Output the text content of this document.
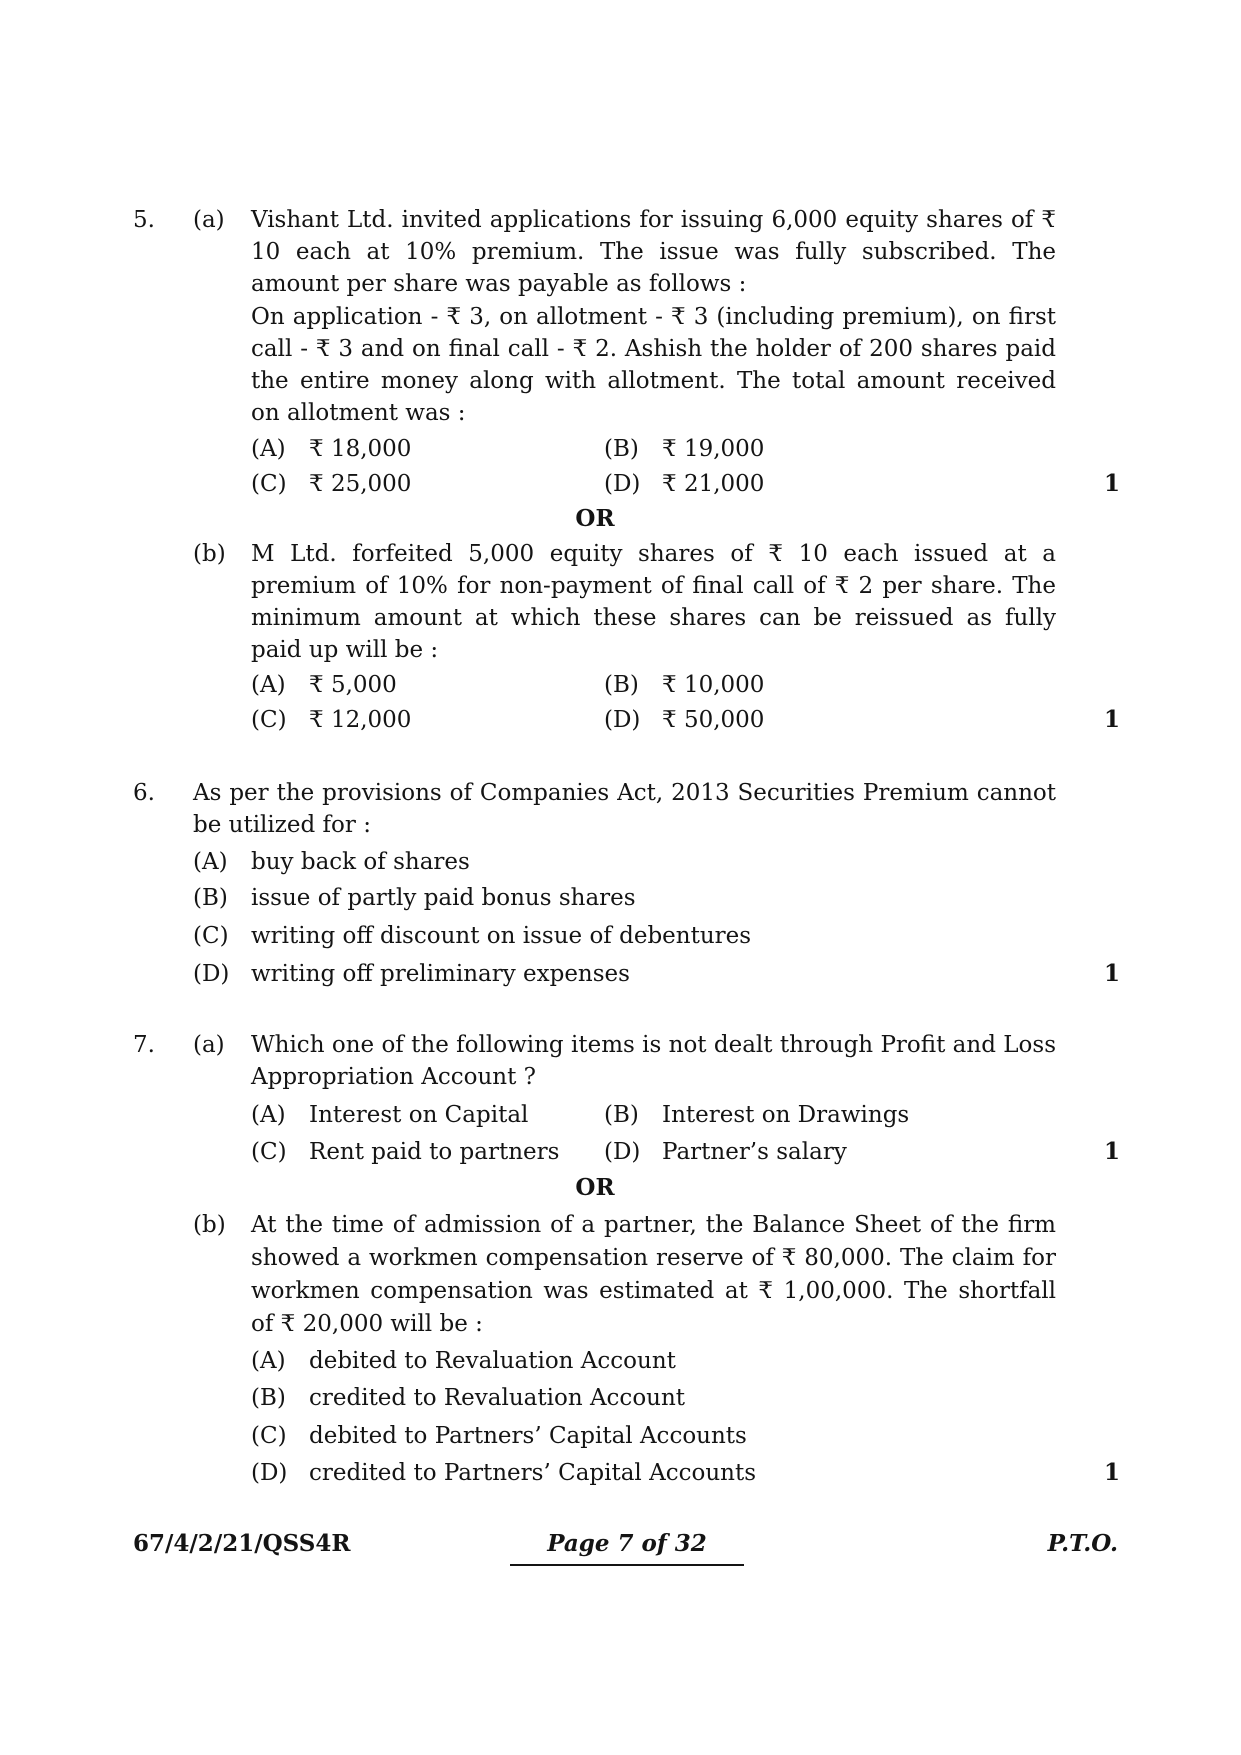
5. (a) Vishant Ltd. invited applications for issuing 6,000 equity shares of ₹ 10 each at 10% premium. The issue was fully subscribed. The amount per share was payable as follows :
On application - ₹ 3, on allotment - ₹ 3 (including premium), on first call - ₹ 3 and on final call - ₹ 2. Ashish the holder of 200 shares paid the entire money along with allotment. The total amount received on allotment was :
(A) ₹ 18,000	(B) ₹ 19,000
(C) ₹ 25,000	(D) ₹ 21,000	1
OR
(b) M Ltd. forfeited 5,000 equity shares of ₹ 10 each issued at a premium of 10% for non-payment of final call of ₹ 2 per share. The minimum amount at which these shares can be reissued as fully paid up will be :
(A) ₹ 5,000	(B) ₹ 10,000
(C) ₹ 12,000	(D) ₹ 50,000	1
6. As per the provisions of Companies Act, 2013 Securities Premium cannot be utilized for :
(A) buy back of shares
(B) issue of partly paid bonus shares
(C) writing off discount on issue of debentures
(D) writing off preliminary expenses	1
7. (a) Which one of the following items is not dealt through Profit and Loss Appropriation Account ?
(A) Interest on Capital	(B) Interest on Drawings
(C) Rent paid to partners (D) Partner’s salary	1
OR
(b) At the time of admission of a partner, the Balance Sheet of the firm showed a workmen compensation reserve of ₹ 80,000. The claim for workmen compensation was estimated at ₹ 1,00,000. The shortfall of ₹ 20,000 will be :
(A) debited to Revaluation Account
(B) credited to Revaluation Account
(C) debited to Partners’ Capital Accounts
(D) credited to Partners’ Capital Accounts	1
67/4/2/21/QSS4R	Page 7 of 32	P.T.O.
